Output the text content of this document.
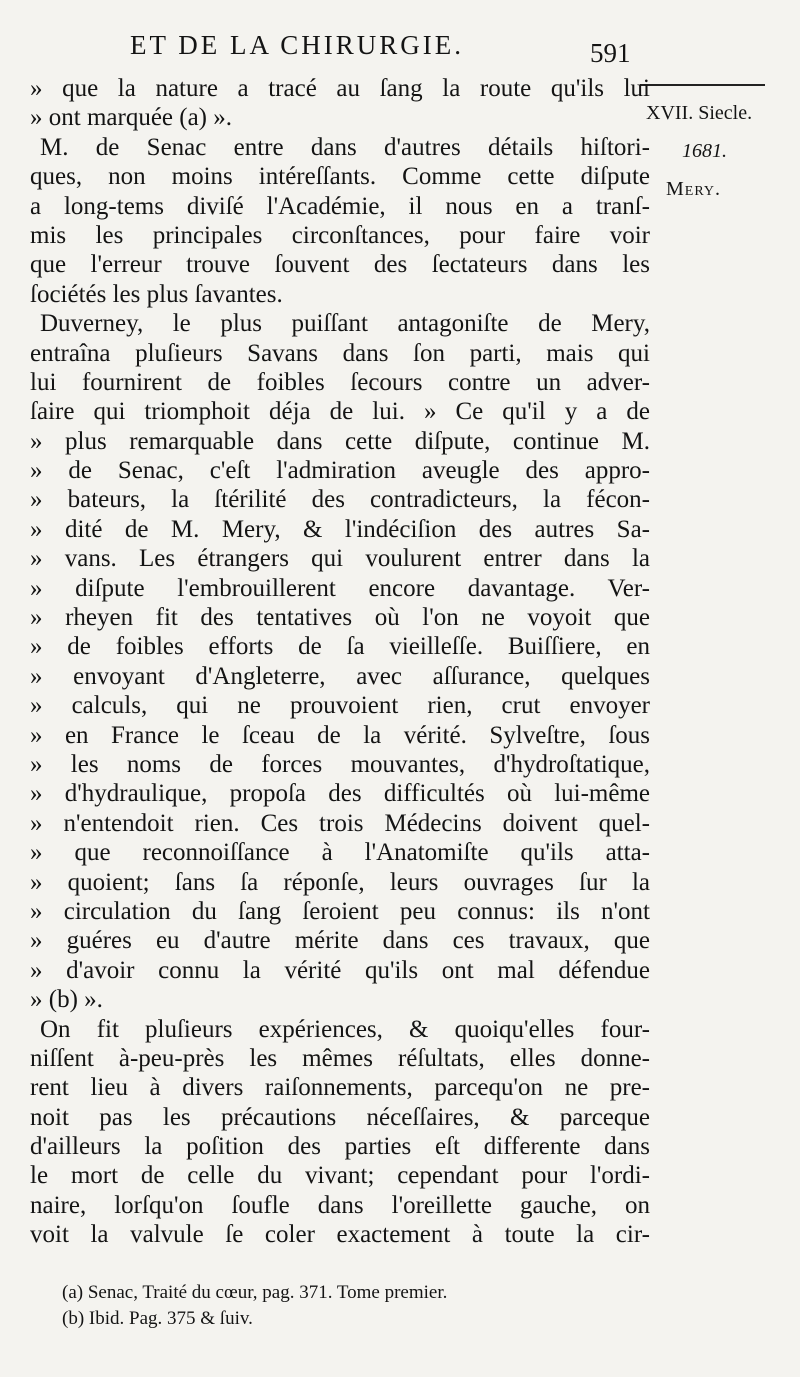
ET DE LA CHIRURGIE.	591
XVII. Siecle.
1681.
Mery.
» que la nature a tracé au ſang la route qu'ils lui
» ont marquée (a) ».
M. de Senac entre dans d'autres détails hiſtori-
ques, non moins intéreſſants. Comme cette diſpute
a long-tems diviſé l'Académie, il nous en a tranſ-
mis les principales circonſtances, pour faire voir
que l'erreur trouve ſouvent des ſectateurs dans les
ſociétés les plus ſavantes.
Duverney, le plus puiſſant antagoniſte de Mery,
entraîna pluſieurs Savans dans ſon parti, mais qui
lui fournirent de foibles ſecours contre un adver-
ſaire qui triomphoit déja de lui. » Ce qu'il y a de
» plus remarquable dans cette diſpute, continue M.
» de Senac, c'eſt l'admiration aveugle des appro-
» bateurs, la ſtérilité des contradicteurs, la fécon-
» dité de M. Mery, & l'indéciſion des autres Sa-
» vans. Les étrangers qui voulurent entrer dans la
» diſpute l'embrouillerent encore davantage. Ver-
» rheyen fit des tentatives où l'on ne voyoit que
» de foibles efforts de ſa vieilleſſe. Buiſſiere, en
» envoyant d'Angleterre, avec aſſurance, quelques
» calculs, qui ne prouvoient rien, crut envoyer
» en France le ſceau de la vérité. Sylveſtre, ſous
» les noms de forces mouvantes, d'hydroſtatique,
» d'hydraulique, propoſa des difficultés où lui-même
» n'entendoit rien. Ces trois Médecins doivent quel-
» que reconnoiſſance à l'Anatomiſte qu'ils atta-
» quoient; ſans ſa réponſe, leurs ouvrages ſur la
» circulation du ſang ſeroient peu connus: ils n'ont
» guéres eu d'autre mérite dans ces travaux, que
» d'avoir connu la vérité qu'ils ont mal défendue
» (b) ».
On fit pluſieurs expériences, & quoiqu'elles four-
niſſent à-peu-près les mêmes réſultats, elles donne-
rent lieu à divers raiſonnements, parcequ'on ne pre-
noit pas les précautions néceſſaires, & parceque
d'ailleurs la poſition des parties eſt differente dans
le mort de celle du vivant; cependant pour l'ordi-
naire, lorſqu'on ſoufle dans l'oreillette gauche, on
voit la valvule ſe coler exactement à toute la cir-
(a) Senac, Traité du cœur, pag. 371. Tome premier.
(b) Ibid. Pag. 375 & ſuiv.
